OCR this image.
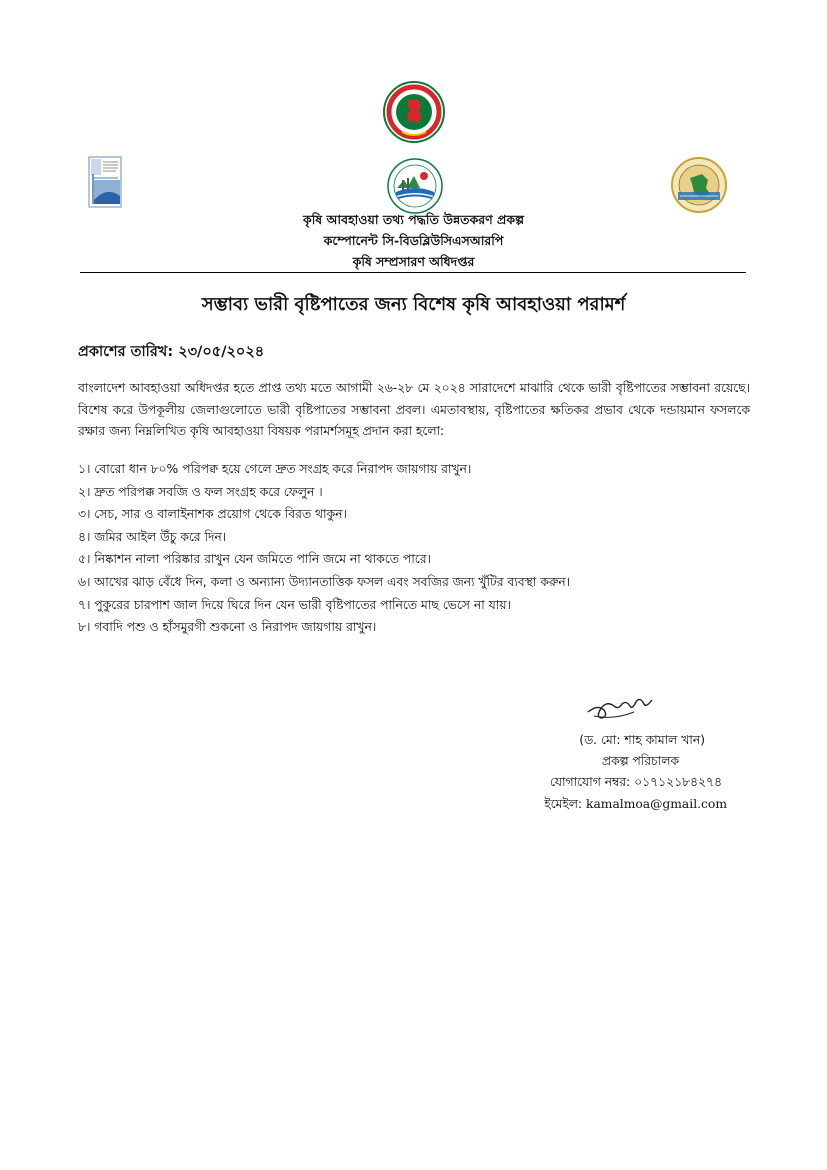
কৃষি আবহাওয়া তথ্য পদ্ধতি উন্নতকরণ প্রকল্প
কম্পোনেন্ট সি-বিডব্লিউসিএসআরপি
কৃষি সম্প্রসারণ অধিদপ্তর
সম্ভাব্য ভারী বৃষ্টিপাতের জন্য বিশেষ কৃষি আবহাওয়া পরামর্শ
প্রকাশের তারিখ: ২৩/০৫/২০২৪
বাংলাদেশ আবহাওয়া অধিদপ্তর হতে প্রাপ্ত তথ্য মতে আগামী ২৬-২৮ মে ২০২৪ সারাদেশে মাঝারি থেকে ভারী বৃষ্টিপাতের সম্ভাবনা রয়েছে। বিশেষ করে উপকূলীয় জেলাগুলোতে ভারী বৃষ্টিপাতের সম্ভাবনা প্রবল। এমতাবস্থায়, বৃষ্টিপাতের ক্ষতিকর প্রভাব থেকে দন্ডায়মান ফসলকে রক্ষার জন্য নিম্নলিখিত কৃষি আবহাওয়া বিষয়ক পরামর্শসমূহ প্রদান করা হলো:
১। বোরো ধান ৮০% পরিপক্ব হয়ে গেলে দ্রুত সংগ্রহ করে নিরাপদ জায়গায় রাখুন।
২। দ্রুত পরিপক্ক সবজি ও ফল সংগ্রহ করে ফেলুন ।
৩। সেচ, সার ও বালাইনাশক প্রয়োগ থেকে বিরত থাকুন।
৪। জমির আইল উঁচু করে দিন।
৫। নিষ্কাশন নালা পরিষ্কার রাখুন যেন জমিতে পানি জমে না থাকতে পারে।
৬। আখের ঝাড় বেঁধে দিন, কলা ও অন্যান্য উদ্যানতাত্তিক ফসল এবং সবজির জন্য খুঁটির ব্যবস্থা করুন।
৭। পুকুরের চারপাশ জাল দিয়ে ঘিরে দিন যেন ভারী বৃষ্টিপাতের পানিতে মাছ ভেসে না যায়।
৮। গবাদি পশু ও হাঁসমুরগী শুকনো ও নিরাপদ জায়গায় রাখুন।
(ড. মো: শাহ কামাল খান)
প্রকল্প পরিচালক
যোগাযোগ নম্বর: ০১৭১২১৮৪২৭৪
ইমেইল: kamalmoa@gmail.com
